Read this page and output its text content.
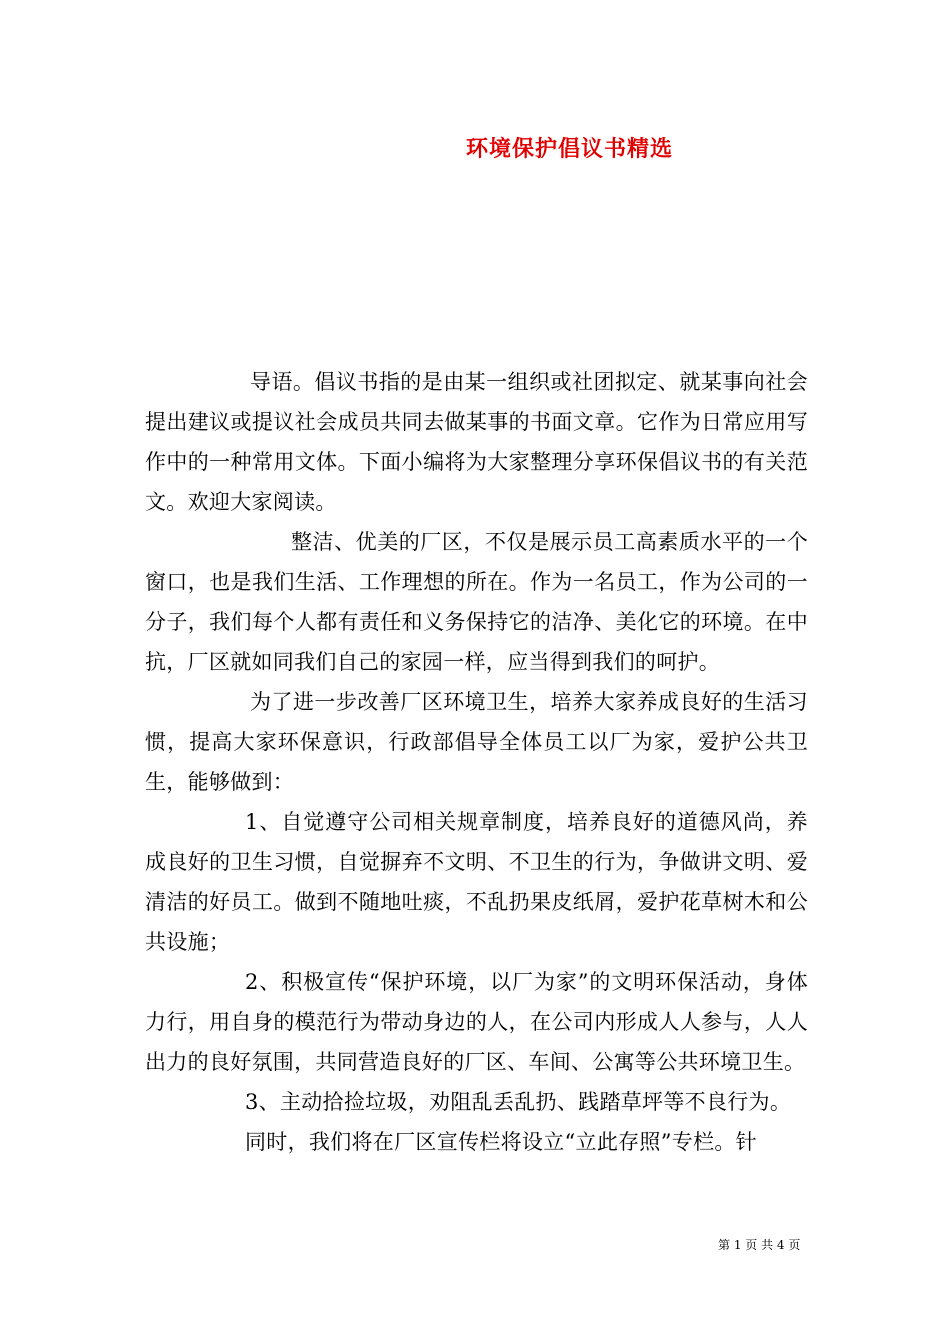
环境保护倡议书精选

导语。倡议书指的是由某一组织或社团拟定、就某事向社会提出建议或提议社会成员共同去做某事的书面文章。它作为日常应用写作中的一种常用文体。下面小编将为大家整理分享环保倡议书的有关范文。欢迎大家阅读。

整洁、优美的厂区，不仅是展示员工高素质水平的一个窗口，也是我们生活、工作理想的所在。作为一名员工，作为公司的一分子，我们每个人都有责任和义务保持它的洁净、美化它的环境。在中抗，厂区就如同我们自己的家园一样，应当得到我们的呵护。

为了进一步改善厂区环境卫生，培养大家养成良好的生活习惯，提高大家环保意识，行政部倡导全体员工以厂为家，爱护公共卫生，能够做到：

1、自觉遵守公司相关规章制度，培养良好的道德风尚，养成良好的卫生习惯，自觉摒弃不文明、不卫生的行为，争做讲文明、爱清洁的好员工。做到不随地吐痰，不乱扔果皮纸屑，爱护花草树木和公共设施；

2、积极宣传“保护环境，以厂为家”的文明环保活动，身体力行，用自身的模范行为带动身边的人，在公司内形成人人参与，人人出力的良好氛围，共同营造良好的厂区、车间、公寓等公共环境卫生。

3、主动拾捡垃圾，劝阻乱丢乱扔、践踏草坪等不良行为。

同时，我们将在厂区宣传栏将设立“立此存照”专栏。针

第 1 页 共 4 页
